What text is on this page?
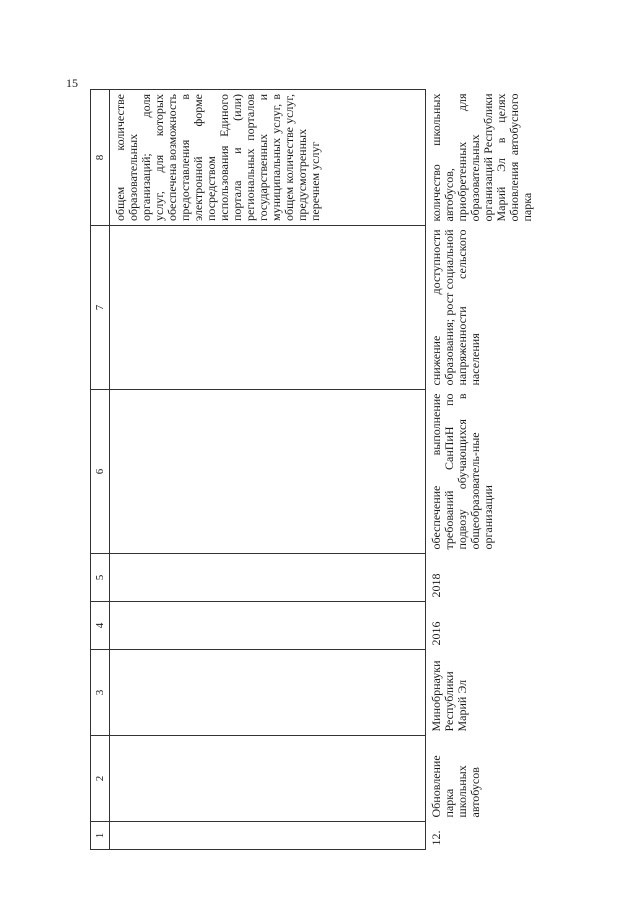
15
1	2	3	4	5	6	7	8
							общем количестве образовательных организаций; доля услуг, для которых обеспечена возможность предоставления в электронной форме посредством использования Единого портала и (или) региональных порталов государственных и муниципальных услуг, в общем количестве услуг, предусмотренных перечнем услуг
12.	Обновление парка школьных автобусов	Минобрнауки Республики Марий Эл	2016	2018	обеспечение выполнение требований СанПиН по подвозу обучающихся в общеобразователь-ные организации	снижение доступности образования; рост социальной напряженности сельского населения	количество школьных автобусов, приобретенных для образовательных организаций Республики Марий Эл в целях обновления автобусного парка
